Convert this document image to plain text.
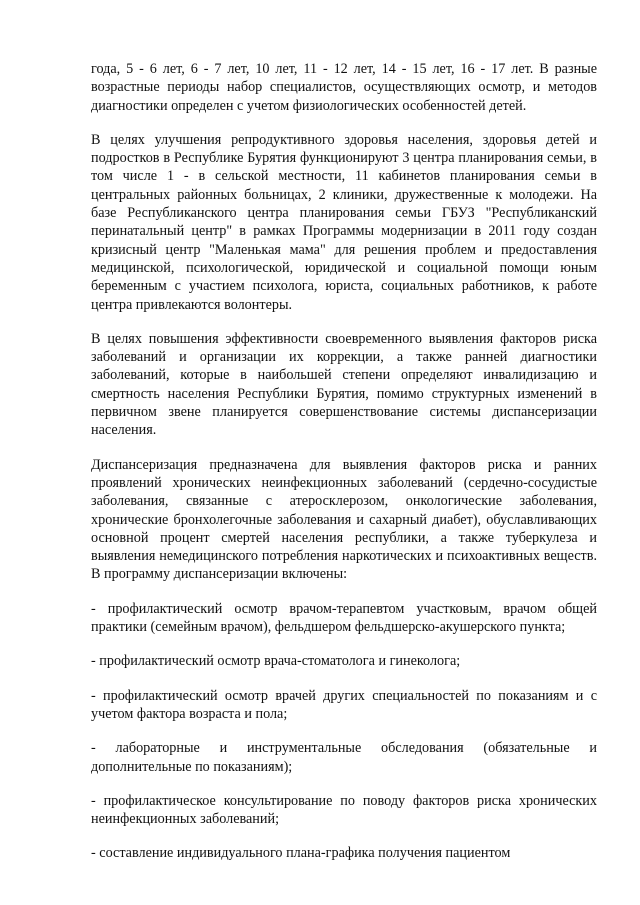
года, 5 - 6 лет, 6 - 7 лет, 10 лет, 11 - 12 лет, 14 - 15 лет, 16 - 17 лет. В разные возрастные периоды набор специалистов, осуществляющих осмотр, и методов диагностики определен с учетом физиологических особенностей детей.

В целях улучшения репродуктивного здоровья населения, здоровья детей и подростков в Республике Бурятия функционируют 3 центра планирования семьи, в том числе 1 - в сельской местности, 11 кабинетов планирования семьи в центральных районных больницах, 2 клиники, дружественные к молодежи. На базе Республиканского центра планирования семьи ГБУЗ "Республиканский перинатальный центр" в рамках Программы модернизации в 2011 году создан кризисный центр "Маленькая мама" для решения проблем и предоставления медицинской, психологической, юридической и социальной помощи юным беременным с участием психолога, юриста, социальных работников, к работе центра привлекаются волонтеры.

В целях повышения эффективности своевременного выявления факторов риска заболеваний и организации их коррекции, а также ранней диагностики заболеваний, которые в наибольшей степени определяют инвалидизацию и смертность населения Республики Бурятия, помимо структурных изменений в первичном звене планируется совершенствование системы диспансеризации населения.

Диспансеризация предназначена для выявления факторов риска и ранних проявлений хронических неинфекционных заболеваний (сердечно-сосудистые заболевания, связанные с атеросклерозом, онкологические заболевания, хронические бронхолегочные заболевания и сахарный диабет), обуславливающих основной процент смертей населения республики, а также туберкулеза и выявления немедицинского потребления наркотических и психоактивных веществ. В программу диспансеризации включены:

- профилактический осмотр врачом-терапевтом участковым, врачом общей практики (семейным врачом), фельдшером фельдшерско-акушерского пункта;

- профилактический осмотр врача-стоматолога и гинеколога;

- профилактический осмотр врачей других специальностей по показаниям и с учетом фактора возраста и пола;

- лабораторные и инструментальные обследования (обязательные и дополнительные по показаниям);

- профилактическое консультирование по поводу факторов риска хронических неинфекционных заболеваний;

- составление индивидуального плана-графика получения пациентом
